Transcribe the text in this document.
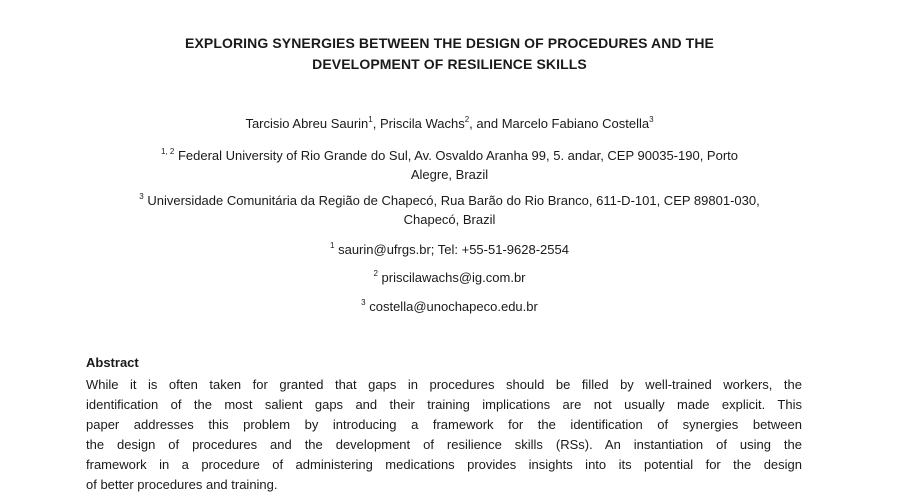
EXPLORING SYNERGIES BETWEEN THE DESIGN OF PROCEDURES AND THE
DEVELOPMENT OF RESILIENCE SKILLS
Tarcisio Abreu Saurin$^1$, Priscila Wachs$^2$, and Marcelo Fabiano Costella$^3$
$^{1, 2}$ Federal University of Rio Grande do Sul, Av. Osvaldo Aranha 99, 5. andar, CEP 90035-190, Porto
Alegre, Brazil
$^3$ Universidade Comunitária da Região de Chapecó, Rua Barão do Rio Branco, 611-D-101, CEP 89801-030,
Chapecó, Brazil
$^1$ saurin@ufrgs.br; Tel: +55-51-9628-2554
$^2$ priscilawachs@ig.com.br
$^3$ costella@unochapeco.edu.br
Abstract
While it is often taken for granted that gaps in procedures should be filled by well-trained workers, the
identification of the most salient gaps and their training implications are not usually made explicit. This
paper addresses this problem by introducing a framework for the identification of synergies between
the design of procedures and the development of resilience skills (RSs). An instantiation of using the
framework in a procedure of administering medications provides insights into its potential for the design
of better procedures and training.
